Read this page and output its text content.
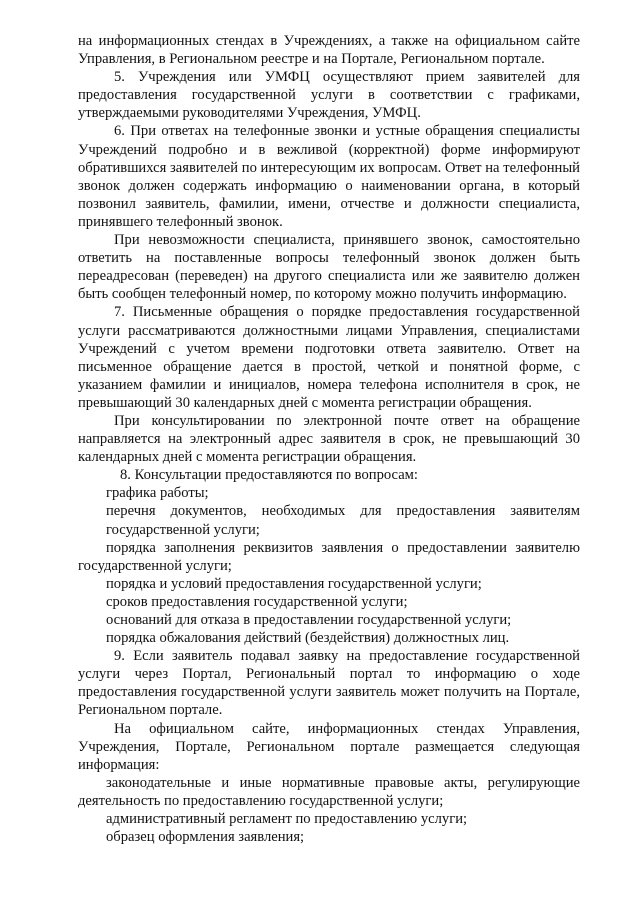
на информационных стендах в Учреждениях, а также на официальном сайте Управления, в Региональном реестре и на Портале, Региональном портале.

5. Учреждения или УМФЦ осуществляют прием заявителей для предоставления государственной услуги в соответствии с графиками, утверждаемыми руководителями Учреждения, УМФЦ.

6. При ответах на телефонные звонки и устные обращения специалисты Учреждений подробно и в вежливой (корректной) форме информируют обратившихся заявителей по интересующим их вопросам. Ответ на телефонный звонок должен содержать информацию о наименовании органа, в который позвонил заявитель, фамилии, имени, отчестве и должности специалиста, принявшего телефонный звонок.

При невозможности специалиста, принявшего звонок, самостоятельно ответить на поставленные вопросы телефонный звонок должен быть переадресован (переведен) на другого специалиста или же заявителю должен быть сообщен телефонный номер, по которому можно получить информацию.

7. Письменные обращения о порядке предоставления государственной услуги рассматриваются должностными лицами Управления, специалистами Учреждений с учетом времени подготовки ответа заявителю. Ответ на письменное обращение дается в простой, четкой и понятной форме, с указанием фамилии и инициалов, номера телефона исполнителя в срок, не превышающий 30 календарных дней с момента регистрации обращения.

При консультировании по электронной почте ответ на обращение направляется на электронный адрес заявителя в срок, не превышающий 30 календарных дней с момента регистрации обращения.

8. Консультации предоставляются по вопросам:

графика работы;

перечня документов, необходимых для предоставления заявителям государственной услуги;

порядка заполнения реквизитов заявления о предоставлении заявителю государственной услуги;

порядка и условий предоставления государственной услуги;

сроков предоставления государственной услуги;

оснований для отказа в предоставлении государственной услуги;

порядка обжалования действий (бездействия) должностных лиц.

9. Если заявитель подавал заявку на предоставление государственной услуги через Портал, Региональный портал то информацию о ходе предоставления государственной услуги заявитель может получить на Портале, Региональном портале.

На официальном сайте, информационных стендах Управления, Учреждения, Портале, Региональном портале размещается следующая информация:

законодательные и иные нормативные правовые акты, регулирующие деятельность по предоставлению государственной услуги;

административный регламент по предоставлению услуги;

образец оформления заявления;
